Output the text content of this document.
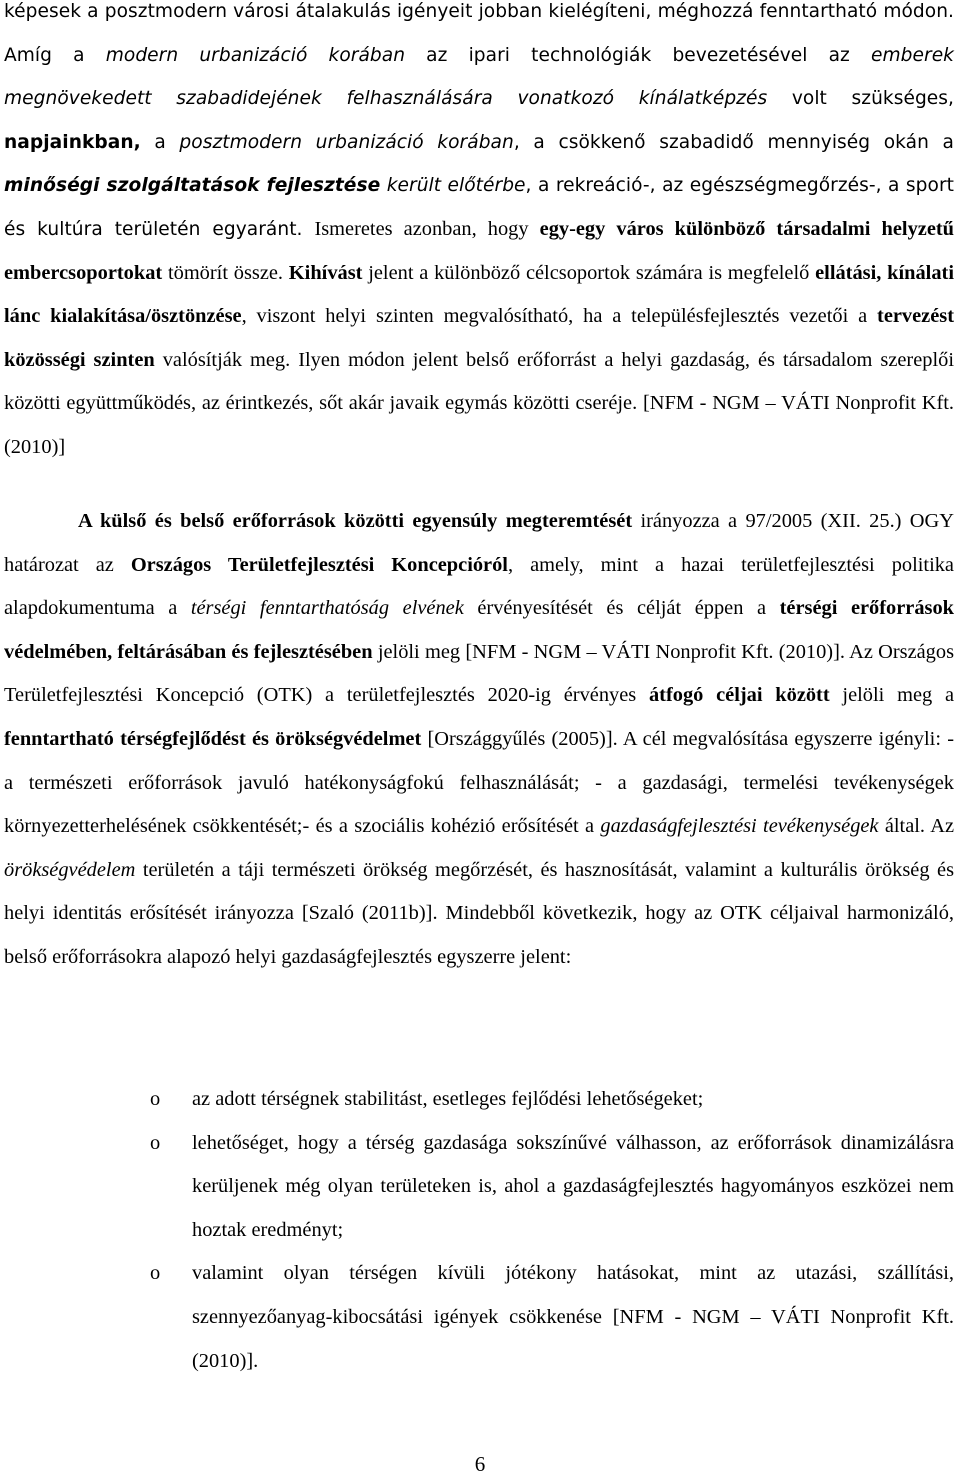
képesek a posztmodern városi átalakulás igényeit jobban kielégíteni, méghozzá fenntartható módon. Amíg a modern urbanizáció korában az ipari technológiák bevezetésével az emberek megnövekedett szabadidejének felhasználására vonatkozó kínálatképzés volt szükséges, napjainkban, a posztmodern urbanizáció korában, a csökkenő szabadidő mennyiség okán a minőségi szolgáltatások fejlesztése került előtérbe, a rekreáció-, az egészségmegőrzés-, a sport és kultúra területén egyaránt. Ismeretes azonban, hogy egy-egy város különböző társadalmi helyzetű embercsoportokat tömörít össze. Kihívást jelent a különböző célcsoportok számára is megfelelő ellátási, kínálati lánc kialakítása/ösztönzése, viszont helyi szinten megvalósítható, ha a településfejlesztés vezetői a tervezést közösségi szinten valósítják meg. Ilyen módon jelent belső erőforrást a helyi gazdaság, és társadalom szereplői közötti együttműködés, az érintkezés, sőt akár javaik egymás közötti cseréje. [NFM - NGM – VÁTI Nonprofit Kft. (2010)]

A külső és belső erőforrások közötti egyensúly megteremtését irányozza a 97/2005 (XII. 25.) OGY határozat az Országos Területfejlesztési Koncepcióról, amely, mint a hazai területfejlesztési politika alapdokumentuma a térségi fenntarthatóság elvének érvényesítését és célját éppen a térségi erőforrások védelmében, feltárásában és fejlesztésében jelöli meg [NFM - NGM – VÁTI Nonprofit Kft. (2010)]. Az Országos Területfejlesztési Koncepció (OTK) a területfejlesztés 2020-ig érvényes átfogó céljai között jelöli meg a fenntartható térségfejlődést és örökségvédelmet [Országgyűlés (2005)]. A cél megvalósítása egyszerre igényli: - a természeti erőforrások javuló hatékonyságfokú felhasználását; - a gazdasági, termelési tevékenységek környezetterhelésének csökkentését;- és a szociális kohézió erősítését a gazdaságfejlesztési tevékenységek által. Az örökségvédelem területén a táji természeti örökség megőrzését, és hasznosítását, valamint a kulturális örökség és helyi identitás erősítését irányozza [Szaló (2011b)]. Mindebből következik, hogy az OTK céljaival harmonizáló, belső erőforrásokra alapozó helyi gazdaságfejlesztés egyszerre jelent:

o az adott térségnek stabilitást, esetleges fejlődési lehetőségeket;
o lehetőséget, hogy a térség gazdasága sokszínűvé válhasson, az erőforrások dinamizálásra kerüljenek még olyan területeken is, ahol a gazdaságfejlesztés hagyományos eszközei nem hoztak eredményt;
o valamint olyan térségen kívüli jótékony hatásokat, mint az utazási, szállítási, szennyezőanyag-kibocsátási igények csökkenése [NFM - NGM – VÁTI Nonprofit Kft. (2010)].
6
